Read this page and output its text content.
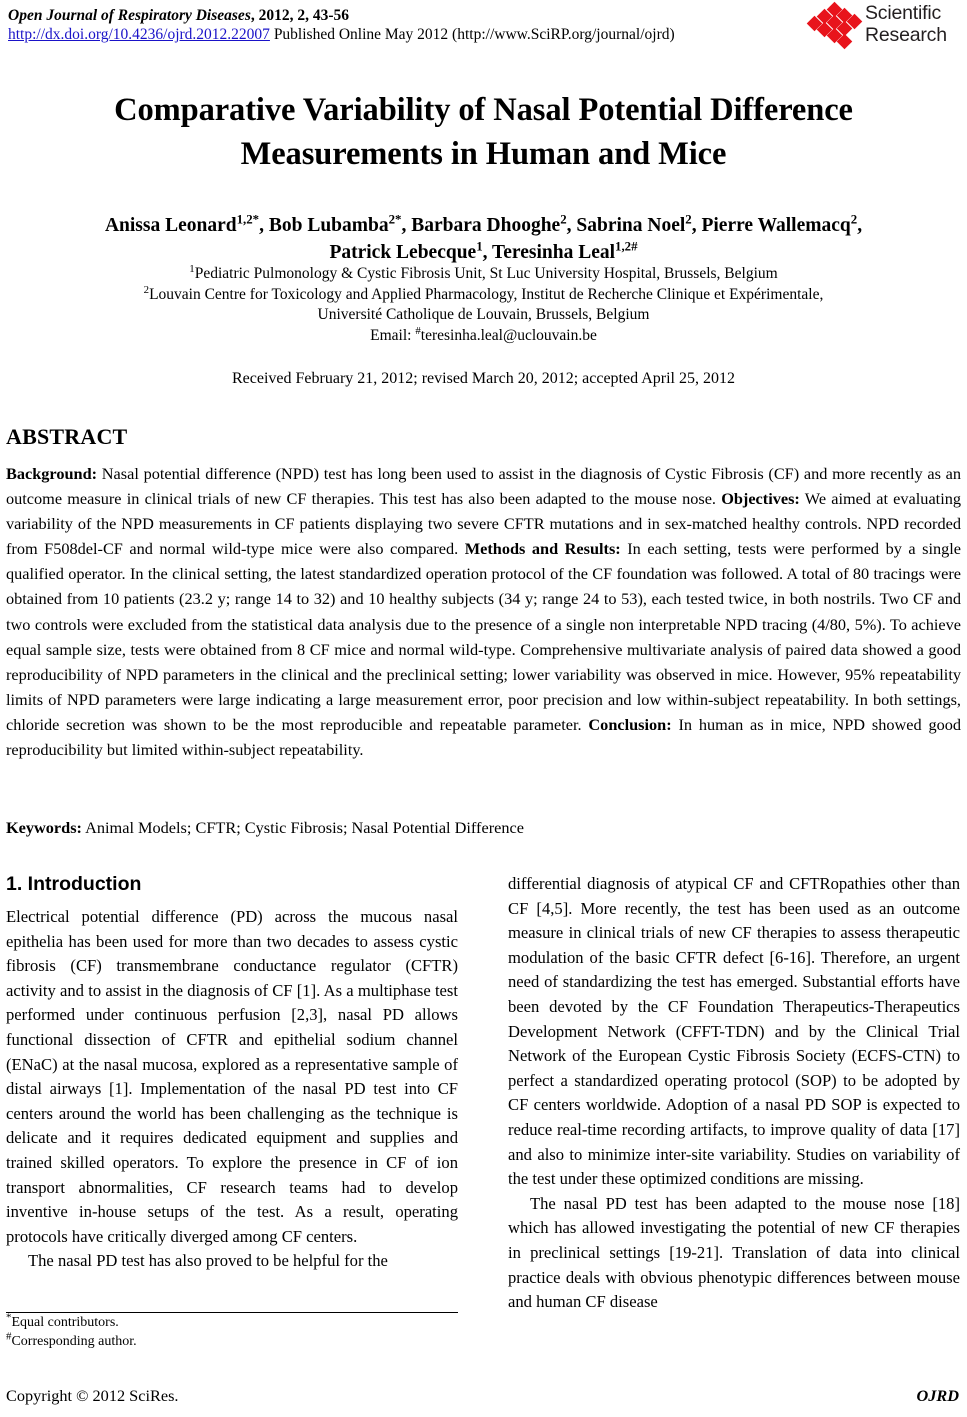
Open Journal of Respiratory Diseases, 2012, 2, 43-56
http://dx.doi.org/10.4236/ojrd.2012.22007 Published Online May 2012 (http://www.SciRP.org/journal/ojrd)
Scientific
Research
Comparative Variability of Nasal Potential Difference Measurements in Human and Mice
Anissa Leonard$^{1,2*}$, Bob Lubamba$^{2*}$, Barbara Dhooghe$^2$, Sabrina Noel$^2$, Pierre Wallemacq$^2$,
Patrick Lebecque$^1$, Teresinha Leal$^{1,2\#}$
$^1$Pediatric Pulmonology & Cystic Fibrosis Unit, St Luc University Hospital, Brussels, Belgium
$^2$Louvain Centre for Toxicology and Applied Pharmacology, Institut de Recherche Clinique et Expérimentale,
Université Catholique de Louvain, Brussels, Belgium
Email: #teresinha.leal@uclouvain.be
Received February 21, 2012; revised March 20, 2012; accepted April 25, 2012
ABSTRACT
Background: Nasal potential difference (NPD) test has long been used to assist in the diagnosis of Cystic Fibrosis (CF) and more recently as an outcome measure in clinical trials of new CF therapies. This test has also been adapted to the mouse nose. Objectives: We aimed at evaluating variability of the NPD measurements in CF patients displaying two severe CFTR mutations and in sex-matched healthy controls. NPD recorded from F508del-CF and normal wild-type mice were also compared. Methods and Results: In each setting, tests were performed by a single qualified operator. In the clinical setting, the latest standardized operation protocol of the CF foundation was followed. A total of 80 tracings were obtained from 10 patients (23.2 y; range 14 to 32) and 10 healthy subjects (34 y; range 24 to 53), each tested twice, in both nostrils. Two CF and two controls were excluded from the statistical data analysis due to the presence of a single non interpretable NPD tracing (4/80, 5%). To achieve equal sample size, tests were obtained from 8 CF mice and normal wild-type. Comprehensive multivariate analysis of paired data showed a good reproducibility of NPD parameters in the clinical and the preclinical setting; lower variability was observed in mice. However, 95% repeatability limits of NPD parameters were large indicating a large measurement error, poor precision and low within-subject repeatability. In both settings, chloride secretion was shown to be the most reproducible and repeatable parameter. Conclusion: In human as in mice, NPD showed good reproducibility but limited within-subject repeatability.
Keywords: Animal Models; CFTR; Cystic Fibrosis; Nasal Potential Difference
1. Introduction

Electrical potential difference (PD) across the mucous nasal epithelia has been used for more than two decades to assess cystic fibrosis (CF) transmembrane conductance regulator (CFTR) activity and to assist in the diagnosis of CF [1]. As a multiphase test performed under continuous perfusion [2,3], nasal PD allows functional dissection of CFTR and epithelial sodium channel (ENaC) at the nasal mucosa, explored as a representative sample of distal airways [1]. Implementation of the nasal PD test into CF centers around the world has been challenging as the technique is delicate and it requires dedicated equipment and supplies and trained skilled operators. To explore the presence in CF of ion transport abnormalities, CF research teams had to develop inventive in-house setups of the test. As a result, operating protocols have critically diverged among CF centers.

The nasal PD test has also proved to be helpful for the

differential diagnosis of atypical CF and CFTRopathies other than CF [4,5]. More recently, the test has been used as an outcome measure in clinical trials of new CF therapies to assess therapeutic modulation of the basic CFTR defect [6-16]. Therefore, an urgent need of standardizing the test has emerged. Substantial efforts have been devoted by the CF Foundation Therapeutics-Therapeutics Development Network (CFFT-TDN) and by the Clinical Trial Network of the European Cystic Fibrosis Society (ECFS-CTN) to perfect a standardized operating protocol (SOP) to be adopted by CF centers worldwide. Adoption of a nasal PD SOP is expected to reduce real-time recording artifacts, to improve quality of data [17] and also to minimize inter-site variability. Studies on variability of the test under these optimized conditions are missing.

The nasal PD test has been adapted to the mouse nose [18] which has allowed investigating the potential of new CF therapies in preclinical settings [19-21]. Translation of data into clinical practice deals with obvious phenotypic differences between mouse and human CF disease

*Equal contributors.
#Corresponding author.
Copyright © 2012 SciRes.	OJRD
